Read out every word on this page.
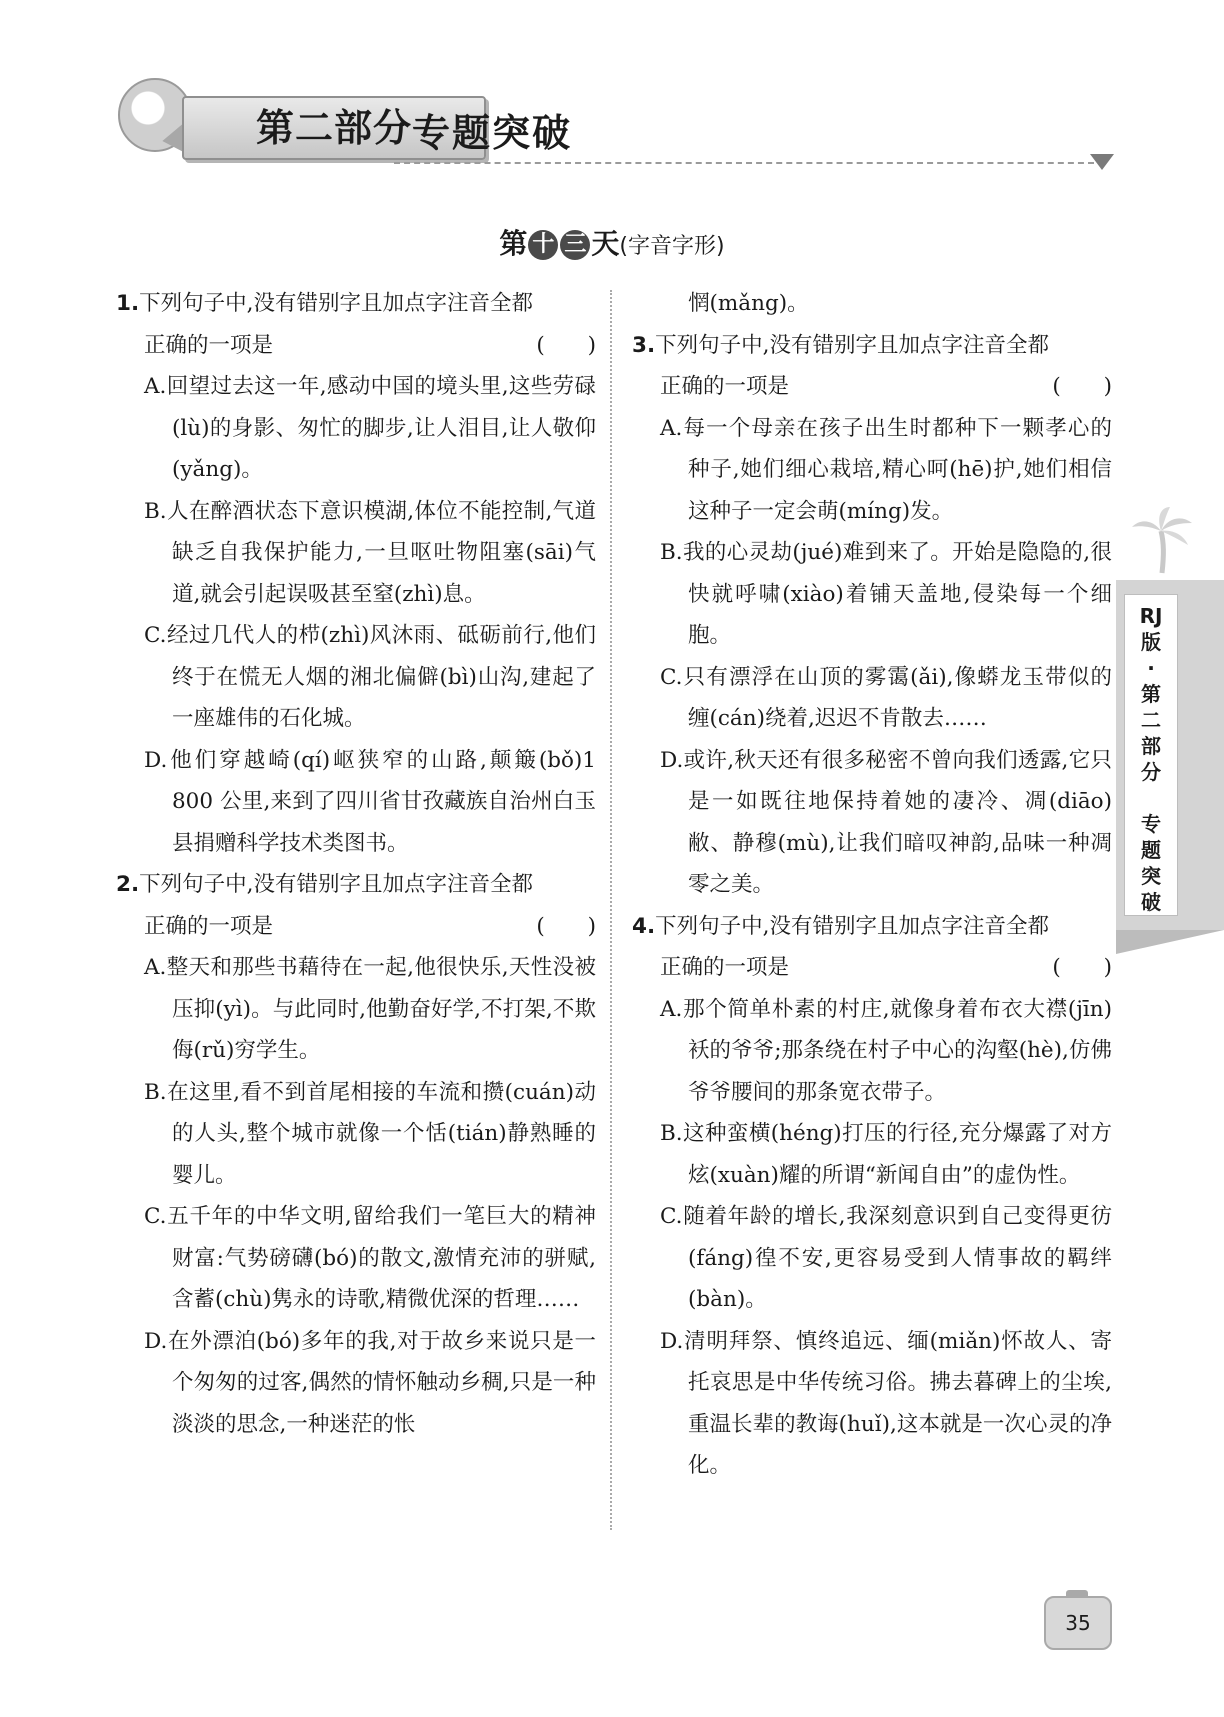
第二部分 专题突破
第 十 三 天(字音字形)

1.下列句子中,没有错别字且加点字注音全都
正确的一项是	( )

A.回望过去这一年,感动中国的境头里,这些劳碌(lù)的身影、匆忙的脚步,让人泪目,让人敬仰(yǎng)。

B.人在醉酒状态下意识模湖,体位不能控制,气道缺乏自我保护能力,一旦呕吐物阻塞(sāi)气道,就会引起误吸甚至窒(zhì)息。

C.经过几代人的栉(zhì)风沐雨、砥砺前行,他们终于在慌无人烟的湘北偏僻(bì)山沟,建起了一座雄伟的石化城。

D.他们穿越崎(qí)岖狭窄的山路,颠簸(bǒ)1 800 公里,来到了四川省甘孜藏族自治州白玉县捐赠科学技术类图书。

2.下列句子中,没有错别字且加点字注音全都
正确的一项是	( )

A.整天和那些书藉待在一起,他很快乐,天性没被压抑(yì)。与此同时,他勤奋好学,不打架,不欺侮(rǔ)穷学生。

B.在这里,看不到首尾相接的车流和攒(cuán)动的人头,整个城市就像一个恬(tián)静熟睡的婴儿。

C.五千年的中华文明,留给我们一笔巨大的精神财富:气势磅礴(bó)的散文,激情充沛的骈赋,含蓄(chù)隽永的诗歌,精微优深的哲理……

D.在外漂泊(bó)多年的我,对于故乡来说只是一个匆匆的过客,偶然的情怀触动乡稠,只是一种淡淡的思念,一种迷茫的怅

惘(mǎng)。

3.下列句子中,没有错别字且加点字注音全都
正确的一项是	( )

A.每一个母亲在孩子出生时都种下一颗孝心的种子,她们细心栽培,精心呵(hē)护,她们相信这种子一定会萌(míng)发。

B.我的心灵劫(jué)难到来了。开始是隐隐的,很快就呼啸(xiào)着铺天盖地,侵染每一个细胞。

C.只有漂浮在山顶的雾霭(ǎi),像蟒龙玉带似的缠(cán)绕着,迟迟不肯散去……

D.或许,秋天还有很多秘密不曾向我们透露,它只是一如既往地保持着她的凄冷、凋(diāo)敝、静穆(mù),让我们暗叹神韵,品味一种凋零之美。

4.下列句子中,没有错别字且加点字注音全都
正确的一项是	( )

A.那个简单朴素的村庄,就像身着布衣大襟(jīn)袄的爷爷;那条绕在村子中心的沟壑(hè),仿佛爷爷腰间的那条宽衣带子。

B.这种蛮横(héng)打压的行径,充分爆露了对方炫(xuàn)耀的所谓“新闻自由”的虚伪性。

C.随着年龄的增长,我深刻意识到自己变得更彷(fáng)徨不安,更容易受到人情事故的羁绊(bàn)。

D.清明拜祭、慎终追远、缅(miǎn)怀故人、寄托哀思是中华传统习俗。拂去暮碑上的尘埃,重温长辈的教诲(huǐ),这本就是一次心灵的净化。

RJ
版
·
第
二
部
分

专
题
突
破
35
